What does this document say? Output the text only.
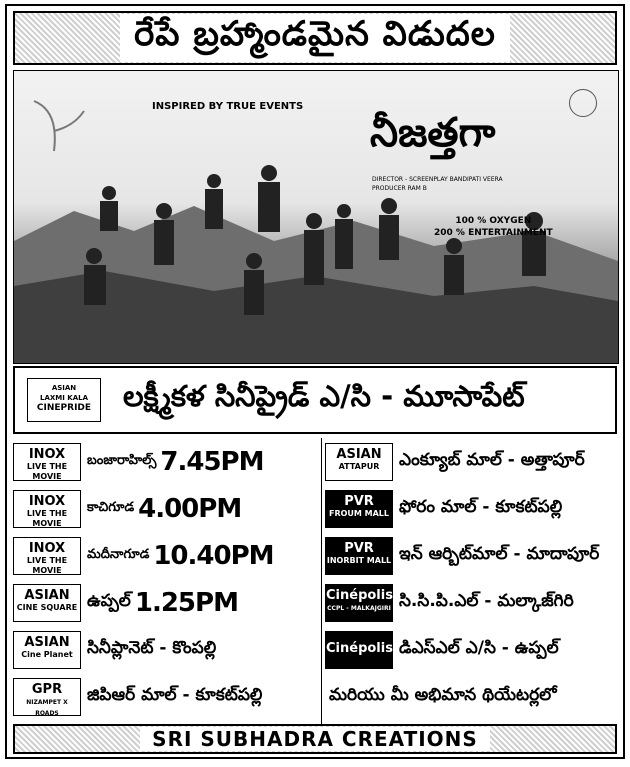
రేపే బ్రహ్మాండమైన విడుదల
INSPIRED BY TRUE EVENTS
నీజత్తగా
DIRECTOR - SCREENPLAY BANDIPATI VEERA
PRODUCER RAM B
100 % OXYGEN
200 % ENTERTAINMENT
ASIAN
LAXMI KALA
CINEPRIDE	లక్ష్మీకళ సినీప్రైడ్ ఎ/సి - మూసాపేట్
INOX
LIVE THE MOVIE
బంజారాహిల్స్ 7.45PM
INOX
LIVE THE MOVIE
కాచిగూడ 4.00PM
INOX
LIVE THE MOVIE
మదీనాగూడ 10.40PM
ASIAN
CINE SQUARE ఉప్పల్ 1.25PM
ASIAN
Cine Planet సినీప్లానెట్ - కొంపల్లి
GPR
NIZAMPET X ROADS
జిపిఆర్ మాల్ - కూకట్‌పల్లి
ASIAN
ATTAPUR	ఎంక్యూబ్ మాల్ - అత్తాపూర్
PVR
FROUM MALL ఫోరం మాల్ - కూకట్‌పల్లి
PVR
INORBIT MALL ఇన్ ఆర్బిట్‌మాల్ - మాదాపూర్
Cinépolis
CCPL - MALKAJGIRI సి.సి.పి.ఎల్ - మల్కాజ్‌గిరి
Cinépolis డిఎస్ఎల్ ఎ/సి - ఉప్పల్
మరియు మీ అభిమాన థియేటర్లలో
SRI SUBHADRA CREATIONS
